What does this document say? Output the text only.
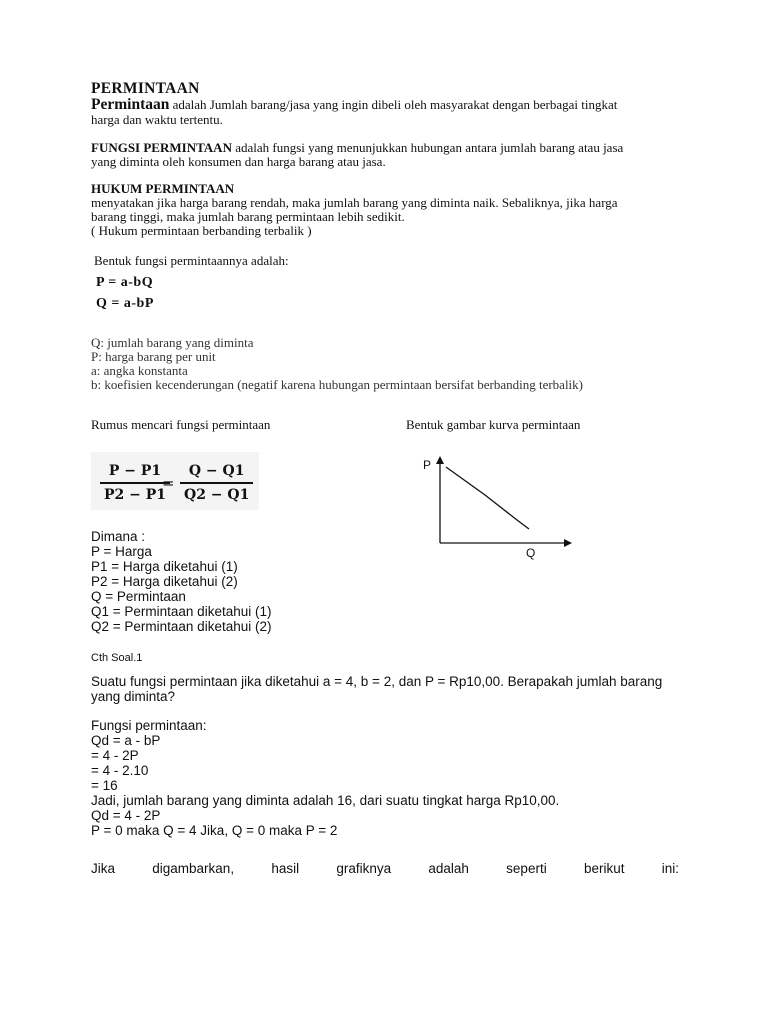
PERMINTAAN
Permintaan adalah Jumlah barang/jasa yang ingin dibeli oleh masyarakat dengan berbagai tingkat
harga dan waktu tertentu.
FUNGSI PERMINTAAN adalah fungsi yang menunjukkan hubungan antara jumlah barang atau jasa
yang diminta oleh konsumen dan harga barang atau jasa.
HUKUM PERMINTAAN
menyatakan jika harga barang rendah, maka jumlah barang yang diminta naik. Sebaliknya, jika harga
barang tinggi, maka jumlah barang permintaan lebih sedikit.
( Hukum permintaan berbanding terbalik )
Bentuk fungsi permintaannya adalah:
P = a-bQ
Q = a-bP
Q: jumlah barang yang diminta
P: harga barang per unit
a: angka konstanta
b: koefisien kecenderungan (negatif karena hubungan permintaan bersifat berbanding terbalik)
Rumus mencari fungsi permintaan	Bentuk gambar kurva permintaan
P − P1
P2 − P1
=
Q − Q1
Q2 − Q1
P
Q
Dimana :
P = Harga
P1 = Harga diketahui (1)
P2 = Harga diketahui (2)
Q = Permintaan
Q1 = Permintaan diketahui (1)
Q2 = Permintaan diketahui (2)
Cth Soal.1
Suatu fungsi permintaan jika diketahui a = 4, b = 2, dan P = Rp10,00. Berapakah jumlah barang
yang diminta?
Fungsi permintaan:
Qd = a - bP
= 4 - 2P
= 4 - 2.10
= 16
Jadi, jumlah barang yang diminta adalah 16, dari suatu tingkat harga Rp10,00.
Qd = 4 - 2P
P = 0 maka Q = 4 Jika, Q = 0 maka P = 2
Jika	digambarkan,	hasil	grafiknya	adalah	seperti	berikut	ini:
